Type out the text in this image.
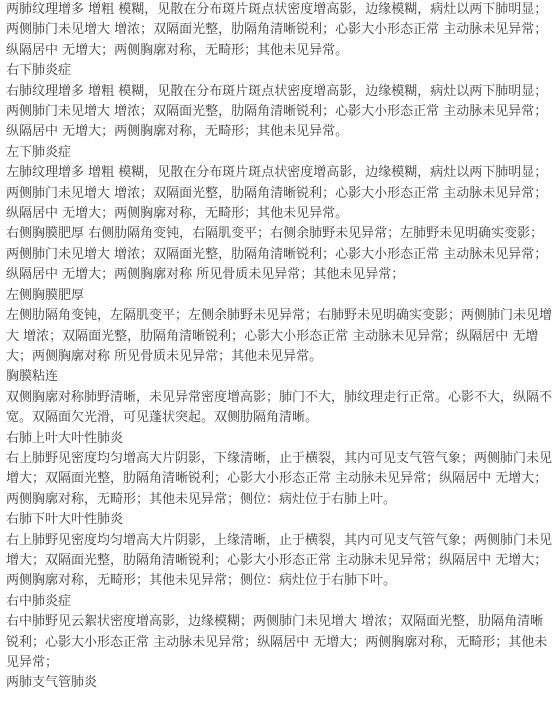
两肺纹理增多 增粗 模糊，见散在分布斑片斑点状密度增高影，边缘模糊，病灶以两下肺明显；两侧肺门未见增大 增浓；双隔面光整，肋隔角清晰锐利；心影大小形态正常 主动脉未见异常；纵隔居中 无增大；两侧胸廓对称，无畸形；其他未见异常。

右下肺炎症

右肺纹理增多 增粗 模糊，见散在分布斑片斑点状密度增高影，边缘模糊，病灶以两下肺明显；两侧肺门未见增大 增浓；双隔面光整，肋隔角清晰锐利；心影大小形态正常 主动脉未见异常；纵隔居中 无增大；两侧胸廓对称，无畸形；其他未见异常。

左下肺炎症

左肺纹理增多 增粗 模糊，见散在分布斑片斑点状密度增高影，边缘模糊，病灶以两下肺明显；两侧肺门未见增大 增浓；双隔面光整，肋隔角清晰锐利；心影大小形态正常 主动脉未见异常；纵隔居中 无增大；两侧胸廓对称，无畸形；其他未见异常。

右侧胸膜肥厚 右侧肋隔角变钝，右隔肌变平；右侧余肺野未见异常；左肺野未见明确实变影；两侧肺门未见增大 增浓；双隔面光整，肋隔角清晰锐利；心影大小形态正常 主动脉未见异常；纵隔居中 无增大；两侧胸廓对称 所见骨质未见异常；其他未见异常；

左侧胸膜肥厚

左侧肋隔角变钝，左隔肌变平；左侧余肺野未见异常；右肺野未见明确实变影；两侧肺门未见增大 增浓；双隔面光整，肋隔角清晰锐利；心影大小形态正常 主动脉未见异常；纵隔居中 无增大；两侧胸廓对称 所见骨质未见异常；其他未见异常。

胸膜粘连

双侧胸廓对称肺野清晰，未见异常密度增高影；肺门不大，肺纹理走行正常。心影不大，纵隔不宽。双隔面欠光滑，可见蓬状突起。双侧肋隔角清晰。

右肺上叶大叶性肺炎

右上肺野见密度均匀增高大片阴影，下缘清晰，止于横裂，其内可见支气管气象；两侧肺门未见增大；双隔面光整，肋隔角清晰锐利；心影大小形态正常 主动脉未见异常；纵隔居中 无增大；两侧胸廓对称，无畸形；其他未见异常；侧位：病灶位于右肺上叶。

右肺下叶大叶性肺炎

右上肺野见密度均匀增高大片阴影，上缘清晰，止于横裂，其内可见支气管气象；两侧肺门未见增大；双隔面光整，肋隔角清晰锐利；心影大小形态正常 主动脉未见异常；纵隔居中 无增大；两侧胸廓对称，无畸形；其他未见异常；侧位：病灶位于右肺下叶。

右中肺炎症

右中肺野见云絮状密度增高影，边缘模糊；两侧肺门未见增大 增浓；双隔面光整，肋隔角清晰锐利；心影大小形态正常 主动脉未见异常；纵隔居中 无增大；两侧胸廓对称，无畸形；其他未见异常；

两肺支气管肺炎
